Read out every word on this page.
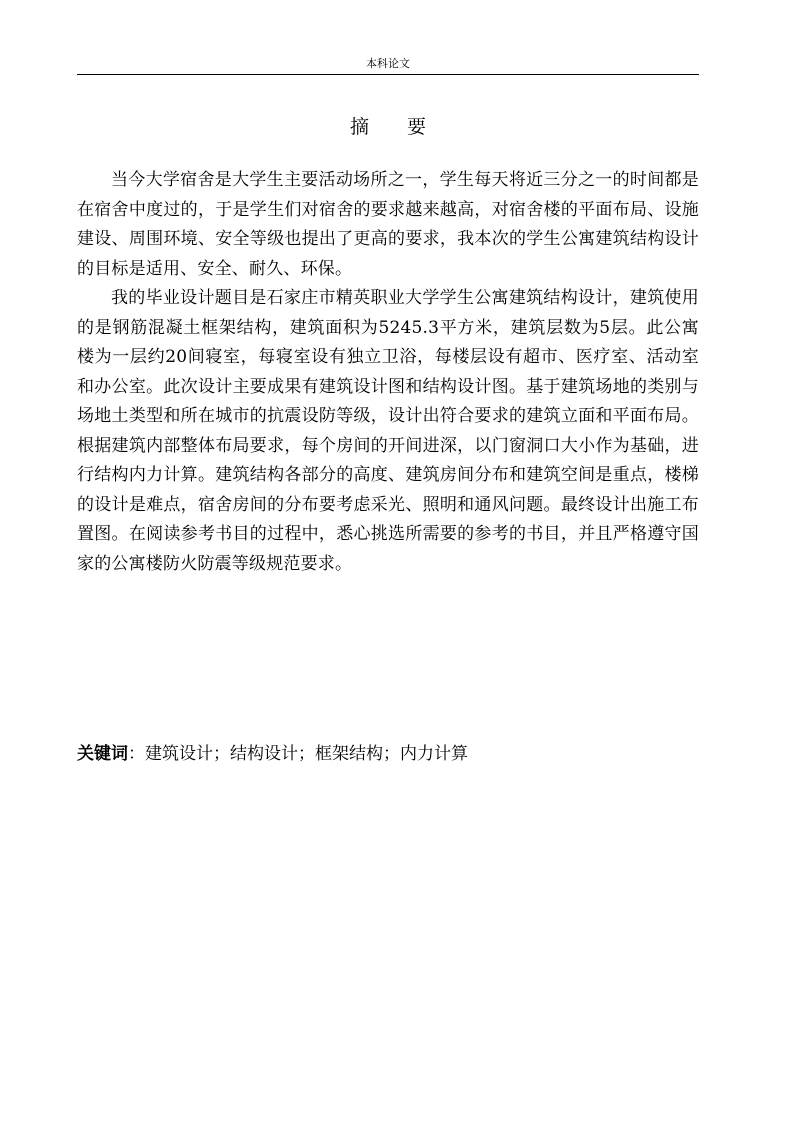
本科论文
摘　　要

当今大学宿舍是大学生主要活动场所之一，学生每天将近三分之一的时间都是在宿舍中度过的，于是学生们对宿舍的要求越来越高，对宿舍楼的平面布局、设施建设、周围环境、安全等级也提出了更高的要求，我本次的学生公寓建筑结构设计的目标是适用、安全、耐久、环保。

我的毕业设计题目是石家庄市精英职业大学学生公寓建筑结构设计，建筑使用的是钢筋混凝土框架结构，建筑面积为5245.3平方米，建筑层数为5层。此公寓楼为一层约20间寝室，每寝室设有独立卫浴，每楼层设有超市、医疗室、活动室和办公室。此次设计主要成果有建筑设计图和结构设计图。基于建筑场地的类别与场地土类型和所在城市的抗震设防等级，设计出符合要求的建筑立面和平面布局。根据建筑内部整体布局要求，每个房间的开间进深，以门窗洞口大小作为基础，进行结构内力计算。建筑结构各部分的高度、建筑房间分布和建筑空间是重点，楼梯的设计是难点，宿舍房间的分布要考虑采光、照明和通风问题。最终设计出施工布置图。在阅读参考书目的过程中，悉心挑选所需要的参考的书目，并且严格遵守国家的公寓楼防火防震等级规范要求。

关键词：建筑设计；结构设计；框架结构；内力计算
